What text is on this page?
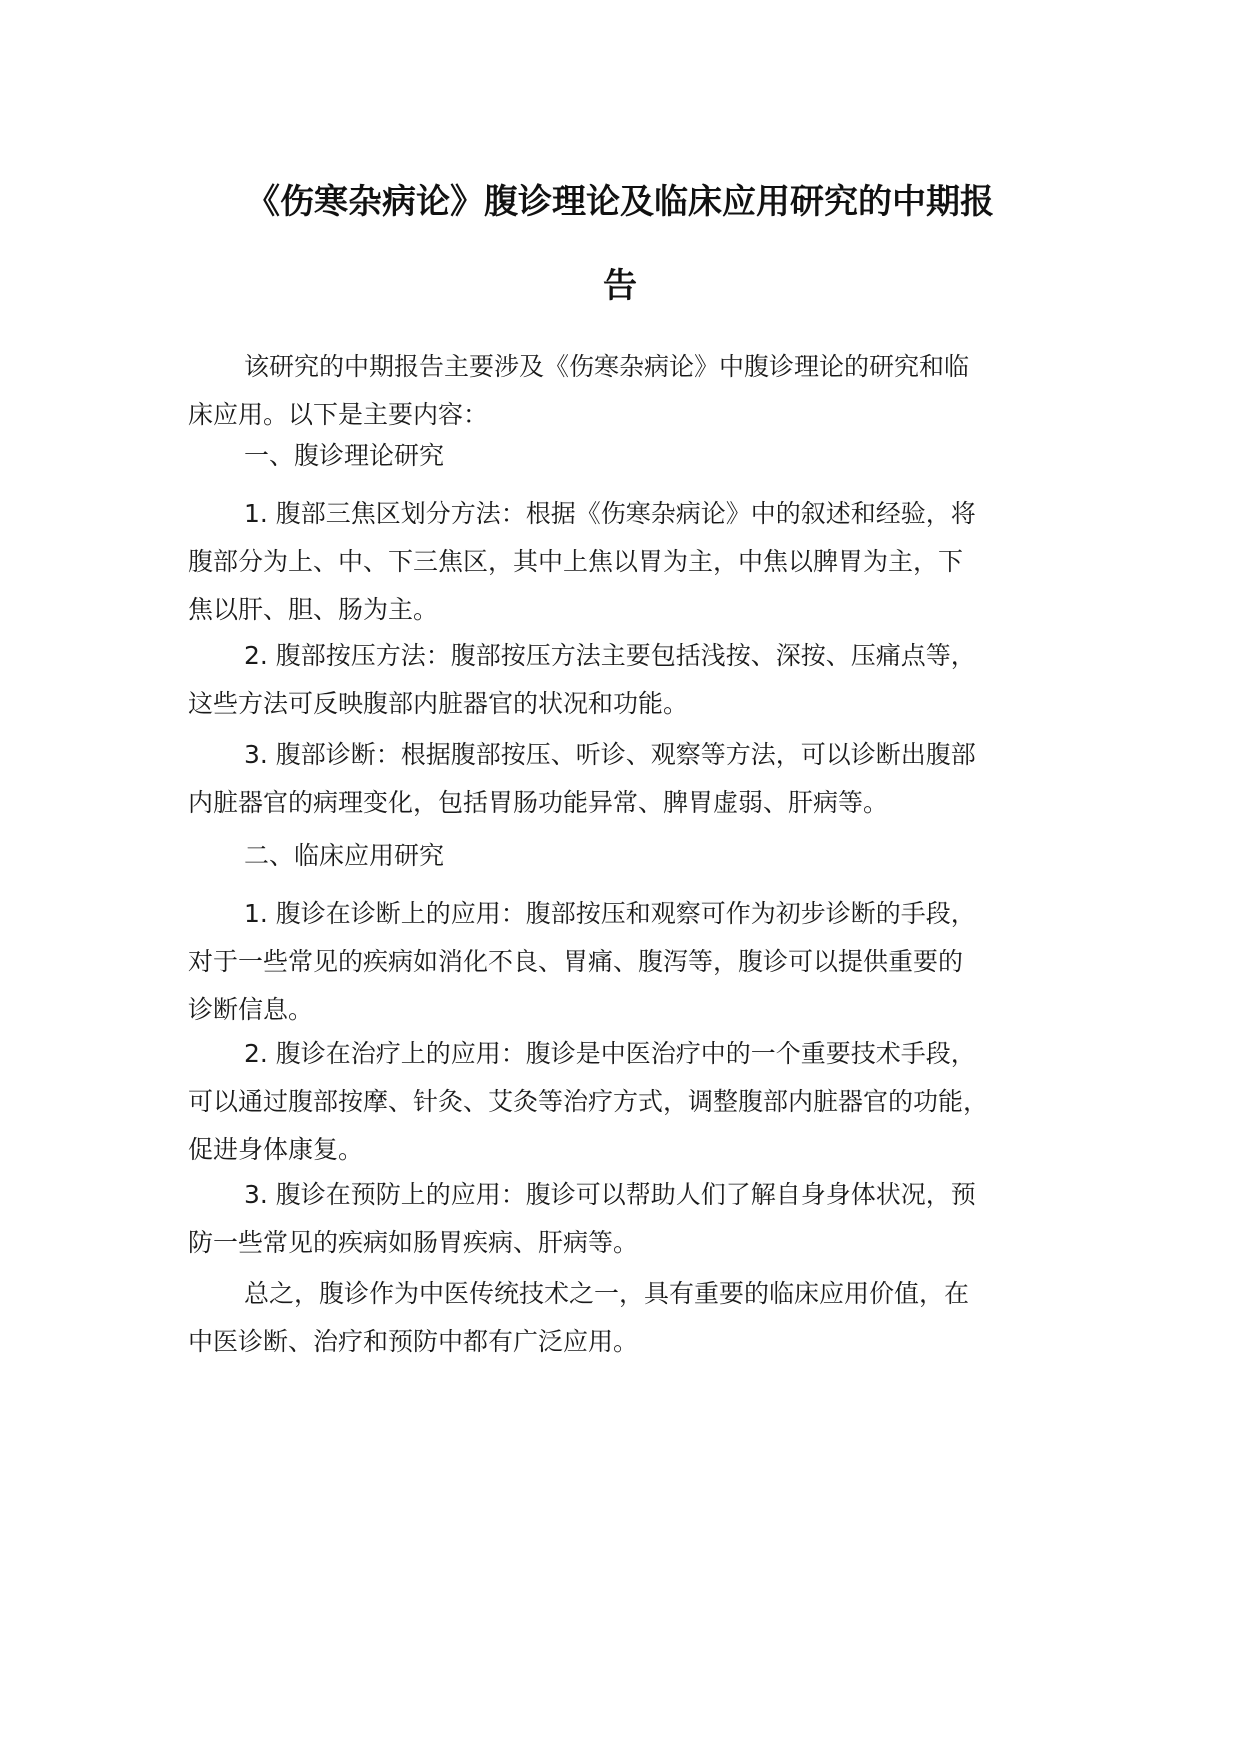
《伤寒杂病论》腹诊理论及临床应用研究的中期报
告

该研究的中期报告主要涉及《伤寒杂病论》中腹诊理论的研究和临
床应用。以下是主要内容：

一、腹诊理论研究

1. 腹部三焦区划分方法：根据《伤寒杂病论》中的叙述和经验，将
腹部分为上、中、下三焦区，其中上焦以胃为主，中焦以脾胃为主，下
焦以肝、胆、肠为主。

2. 腹部按压方法：腹部按压方法主要包括浅按、深按、压痛点等，
这些方法可反映腹部内脏器官的状况和功能。

3. 腹部诊断：根据腹部按压、听诊、观察等方法，可以诊断出腹部
内脏器官的病理变化，包括胃肠功能异常、脾胃虚弱、肝病等。

二、临床应用研究

1. 腹诊在诊断上的应用：腹部按压和观察可作为初步诊断的手段，
对于一些常见的疾病如消化不良、胃痛、腹泻等，腹诊可以提供重要的
诊断信息。

2. 腹诊在治疗上的应用：腹诊是中医治疗中的一个重要技术手段，
可以通过腹部按摩、针灸、艾灸等治疗方式，调整腹部内脏器官的功能，
促进身体康复。

3. 腹诊在预防上的应用：腹诊可以帮助人们了解自身身体状况，预
防一些常见的疾病如肠胃疾病、肝病等。

总之，腹诊作为中医传统技术之一，具有重要的临床应用价值，在
中医诊断、治疗和预防中都有广泛应用。
